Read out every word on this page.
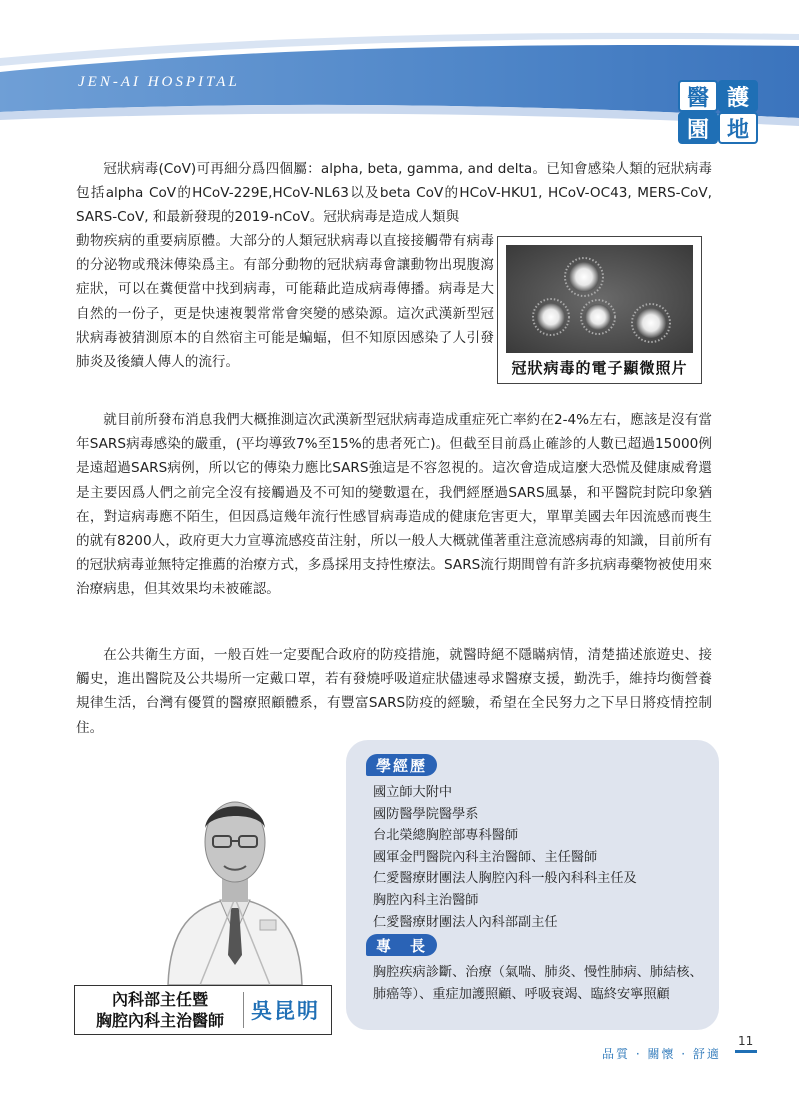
JEN-AI HOSPITAL
醫 護
園 地

冠狀病毒(CoV)可再細分爲四個屬：alpha, beta, gamma, and delta。已知會感染人類的冠狀病毒包括alpha CoV的HCoV-229E,HCoV-NL63以及beta CoV的HCoV-HKU1, HCoV-OC43, MERS-CoV, SARS-CoV, 和最新發現的2019-nCoV。冠狀病毒是造成人類與

動物疾病的重要病原體。大部分的人類冠狀病毒以直接接觸帶有病毒的分泌物或飛沫傳染爲主。有部分動物的冠狀病毒會讓動物出現腹瀉症狀，可以在糞便當中找到病毒，可能藉此造成病毒傳播。病毒是大自然的一份子，更是快速複製常常會突變的感染源。這次武漢新型冠狀病毒被猜測原本的自然宿主可能是蝙蝠，但不知原因感染了人引發肺炎及後續人傳人的流行。	冠狀病毒的電子顯微照片

就目前所發布消息我們大概推測這次武漢新型冠狀病毒造成重症死亡率約在2-4%左右，應該是沒有當年SARS病毒感染的嚴重，(平均導致7%至15%的患者死亡)。但截至目前爲止確診的人數已超過15000例是遠超過SARS病例，所以它的傳染力應比SARS強這是不容忽視的。這次會造成這麼大恐慌及健康威脅還是主要因爲人們之前完全沒有接觸過及不可知的變數還在，我們經歷過SARS風暴，和平醫院封院印象猶在，對這病毒應不陌生，但因爲這幾年流行性感冒病毒造成的健康危害更大，單單美國去年因流感而喪生的就有8200人，政府更大力宣導流感疫苗注射，所以一般人大概就僅著重注意流感病毒的知識，目前所有的冠狀病毒並無特定推薦的治療方式，多爲採用支持性療法。SARS流行期間曾有許多抗病毒藥物被使用來治療病患，但其效果均未被確認。

在公共衛生方面，一般百姓一定要配合政府的防疫措施，就醫時絕不隱瞞病情，清楚描述旅遊史、接觸史，進出醫院及公共場所一定戴口罩，若有發燒呼吸道症狀儘速尋求醫療支援，勤洗手，維持均衡營養規律生活，台灣有優質的醫療照顧體系，有豐富SARS防疫的經驗，希望在全民努力之下早日將疫情控制住。

學經歷
國立師大附中
國防醫學院醫學系
台北榮總胸腔部專科醫師
國軍金門醫院內科主治醫師、主任醫師
仁愛醫療財團法人胸腔內科一般內科科主任及
胸腔內科主治醫師
仁愛醫療財團法人內科部副主任
專　長
胸腔疾病診斷、治療（氣喘、肺炎、慢性肺病、肺結核、肺癌等）、重症加護照顧、呼吸衰竭、臨終安寧照顧
內科部主任暨
胸腔內科主治醫師	吳昆明
品質 · 關懷 · 舒適
11
